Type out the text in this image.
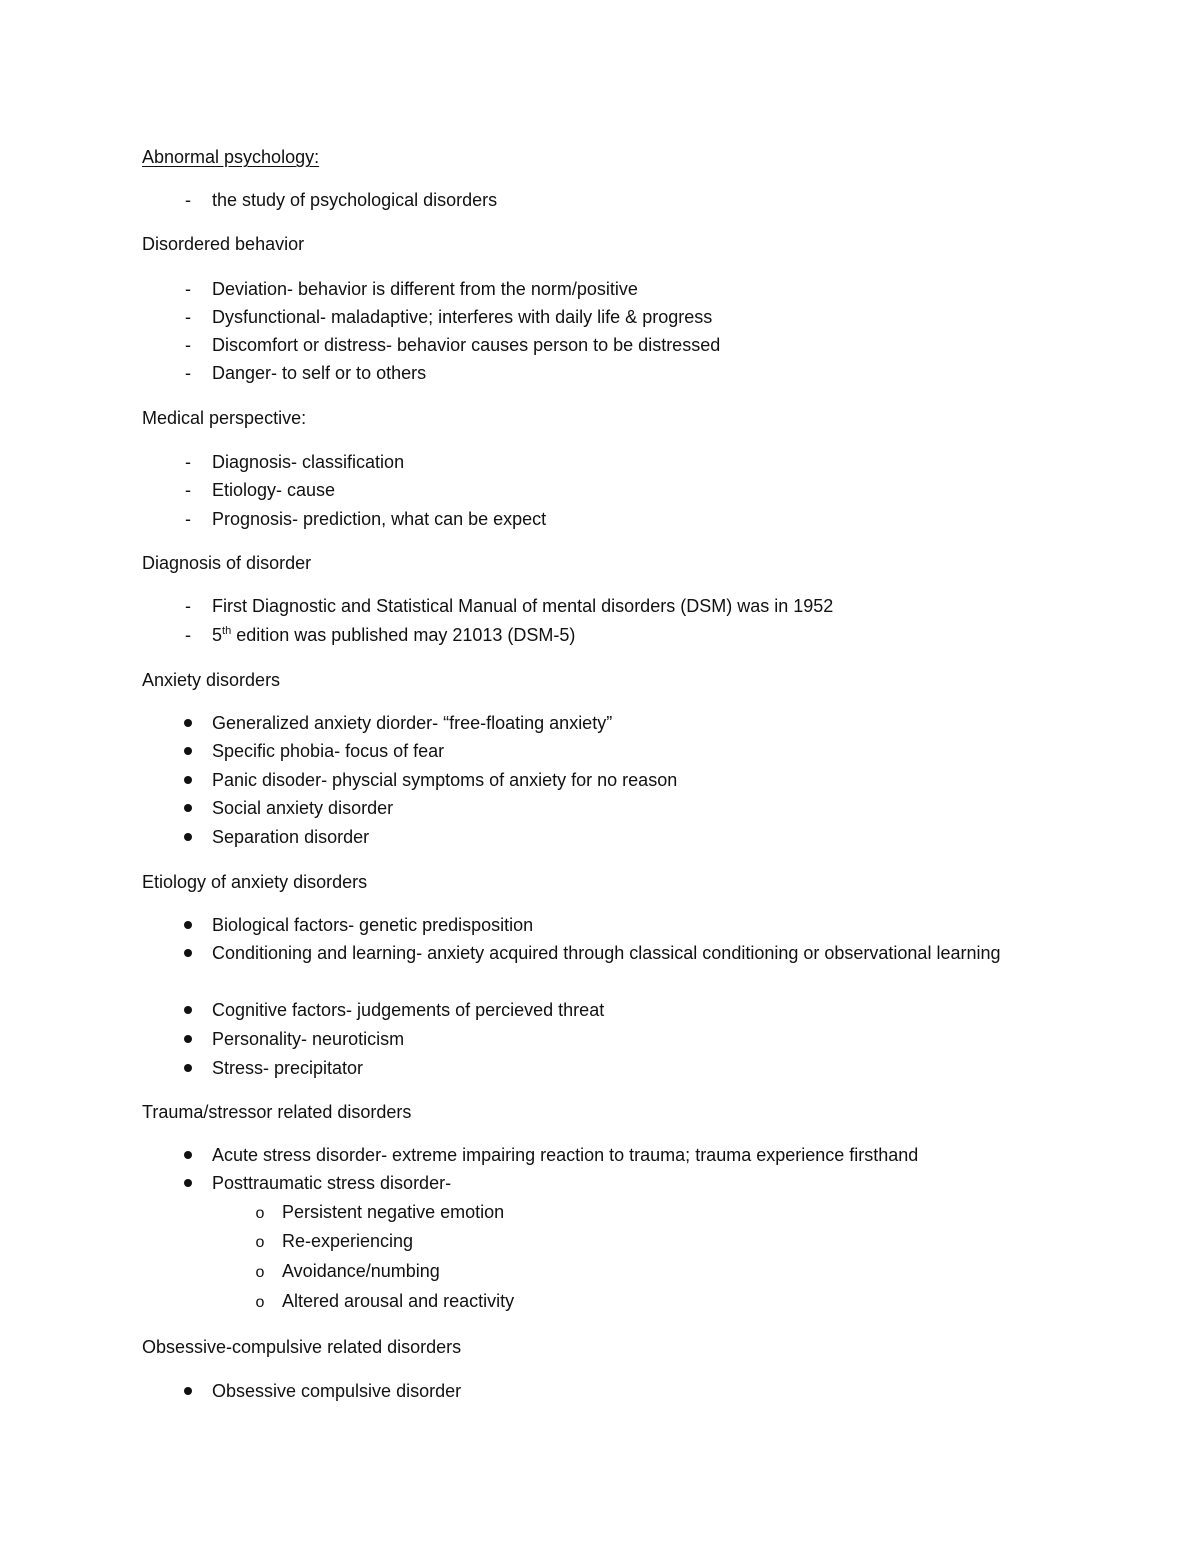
Abnormal psychology:
-
the study of psychological disorders
Disordered behavior
-
Deviation- behavior is different from the norm/positive
-
Dysfunctional- maladaptive; interferes with daily life & progress
-
Discomfort or distress- behavior causes person to be distressed
-
Danger- to self or to others
Medical perspective:
-
Diagnosis- classification
-
Etiology- cause
-
Prognosis- prediction, what can be expect
Diagnosis of disorder
-
First Diagnostic and Statistical Manual of mental disorders (DSM) was in 1952
-
5th edition was published may 21013 (DSM-5)
Anxiety disorders
Generalized anxiety diorder- “free-floating anxiety”
Specific phobia- focus of fear
Panic disoder- physcial symptoms of anxiety for no reason
Social anxiety disorder
Separation disorder
Etiology of anxiety disorders
Biological factors- genetic predisposition
Conditioning and learning- anxiety acquired through classical conditioning or observational learning
Cognitive factors- judgements of percieved threat
Personality- neuroticism
Stress- precipitator
Trauma/stressor related disorders
Acute stress disorder- extreme impairing reaction to trauma; trauma experience firsthand
Posttraumatic stress disorder-
o
Persistent negative emotion
o
Re-experiencing
o
Avoidance/numbing
o
Altered arousal and reactivity
Obsessive-compulsive related disorders
Obsessive compulsive disorder
